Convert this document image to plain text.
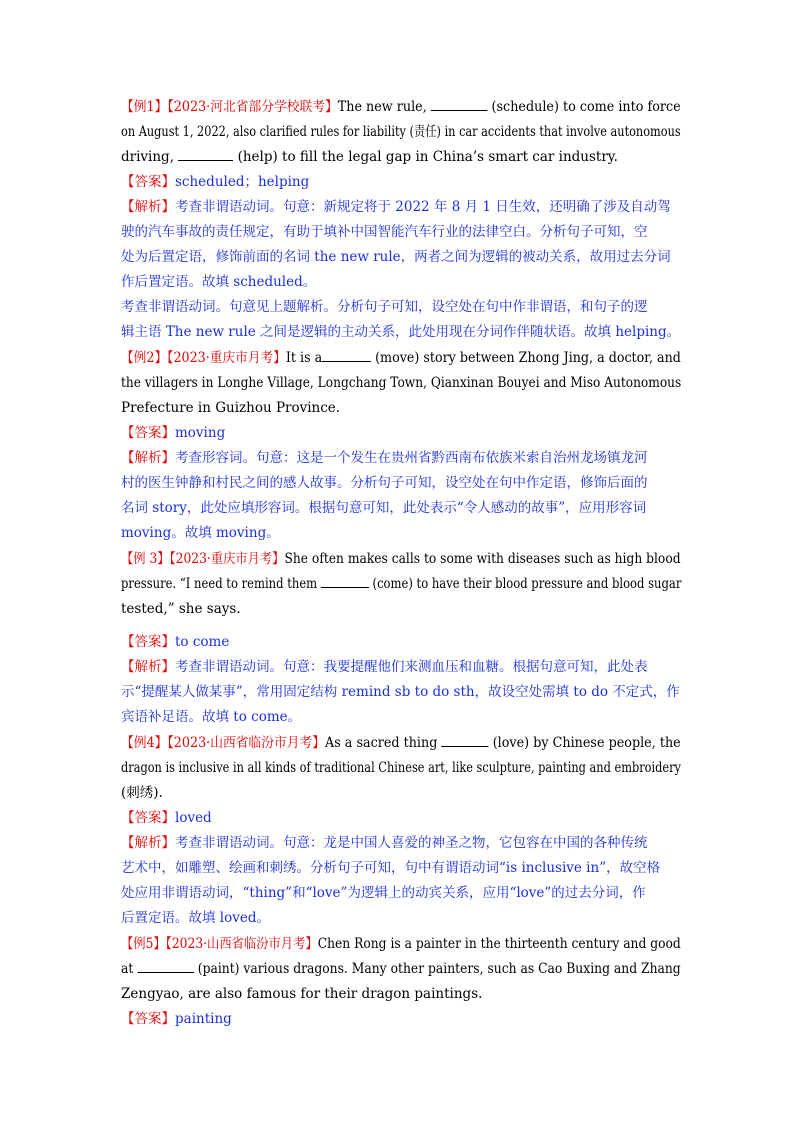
【例1】【2023·河北省部分学校联考】The new rule,	(schedule) to come into force
on August 1, 2022, also clarified rules for liability (责任) in car accidents that involve autonomous
driving,	(help) to fill the legal gap in China’s smart car industry.
【答案】scheduled；helping
【解析】考查非谓语动词。句意：新规定将于 2022 年 8 月 1 日生效，还明确了涉及自动驾
驶的汽车事故的责任规定，有助于填补中国智能汽车行业的法律空白。分析句子可知，空
处为后置定语，修饰前面的名词 the new rule，两者之间为逻辑的被动关系，故用过去分词
作后置定语。故填 scheduled。
考查非谓语动词。句意见上题解析。分析句子可知，设空处在句中作非谓语，和句子的逻
辑主语 The new rule 之间是逻辑的主动关系，此处用现在分词作伴随状语。故填 helping。
【例2】【2023·重庆市月考】It is a	(move) story between Zhong Jing, a doctor, and
the villagers in Longhe Village, Longchang Town, Qianxinan Bouyei and Miso Autonomous
Prefecture in Guizhou Province.
【答案】moving
【解析】考查形容词。句意：这是一个发生在贵州省黔西南布依族米索自治州龙场镇龙河
村的医生钟静和村民之间的感人故事。分析句子可知，设空处在句中作定语，修饰后面的
名词 story，此处应填形容词。根据句意可知，此处表示“令人感动的故事”，应用形容词
moving。故填 moving。
【例 3】【2023·重庆市月考】She often makes calls to some with diseases such as high blood
pressure. “I need to remind them	(come) to have their blood pressure and blood sugar
tested,” she says.
【答案】to come
【解析】考查非谓语动词。句意：我要提醒他们来测血压和血糖。根据句意可知，此处表
示“提醒某人做某事”，常用固定结构 remind sb to do sth，故设空处需填 to do 不定式，作
宾语补足语。故填 to come。
【例4】【2023·山西省临汾市月考】As a sacred thing	(love) by Chinese people, the
dragon is inclusive in all kinds of traditional Chinese art, like sculpture, painting and embroidery
(刺绣).
【答案】loved
【解析】考查非谓语动词。句意：龙是中国人喜爱的神圣之物，它包容在中国的各种传统
艺术中，如雕塑、绘画和刺绣。分析句子可知，句中有谓语动词“is inclusive in”，故空格
处应用非谓语动词，“thing”和“love”为逻辑上的动宾关系，应用“love”的过去分词，作
后置定语。故填 loved。
【例5】【2023·山西省临汾市月考】Chen Rong is a painter in the thirteenth century and good
at	(paint) various dragons. Many other painters, such as Cao Buxing and Zhang
Zengyao, are also famous for their dragon paintings.
【答案】painting
